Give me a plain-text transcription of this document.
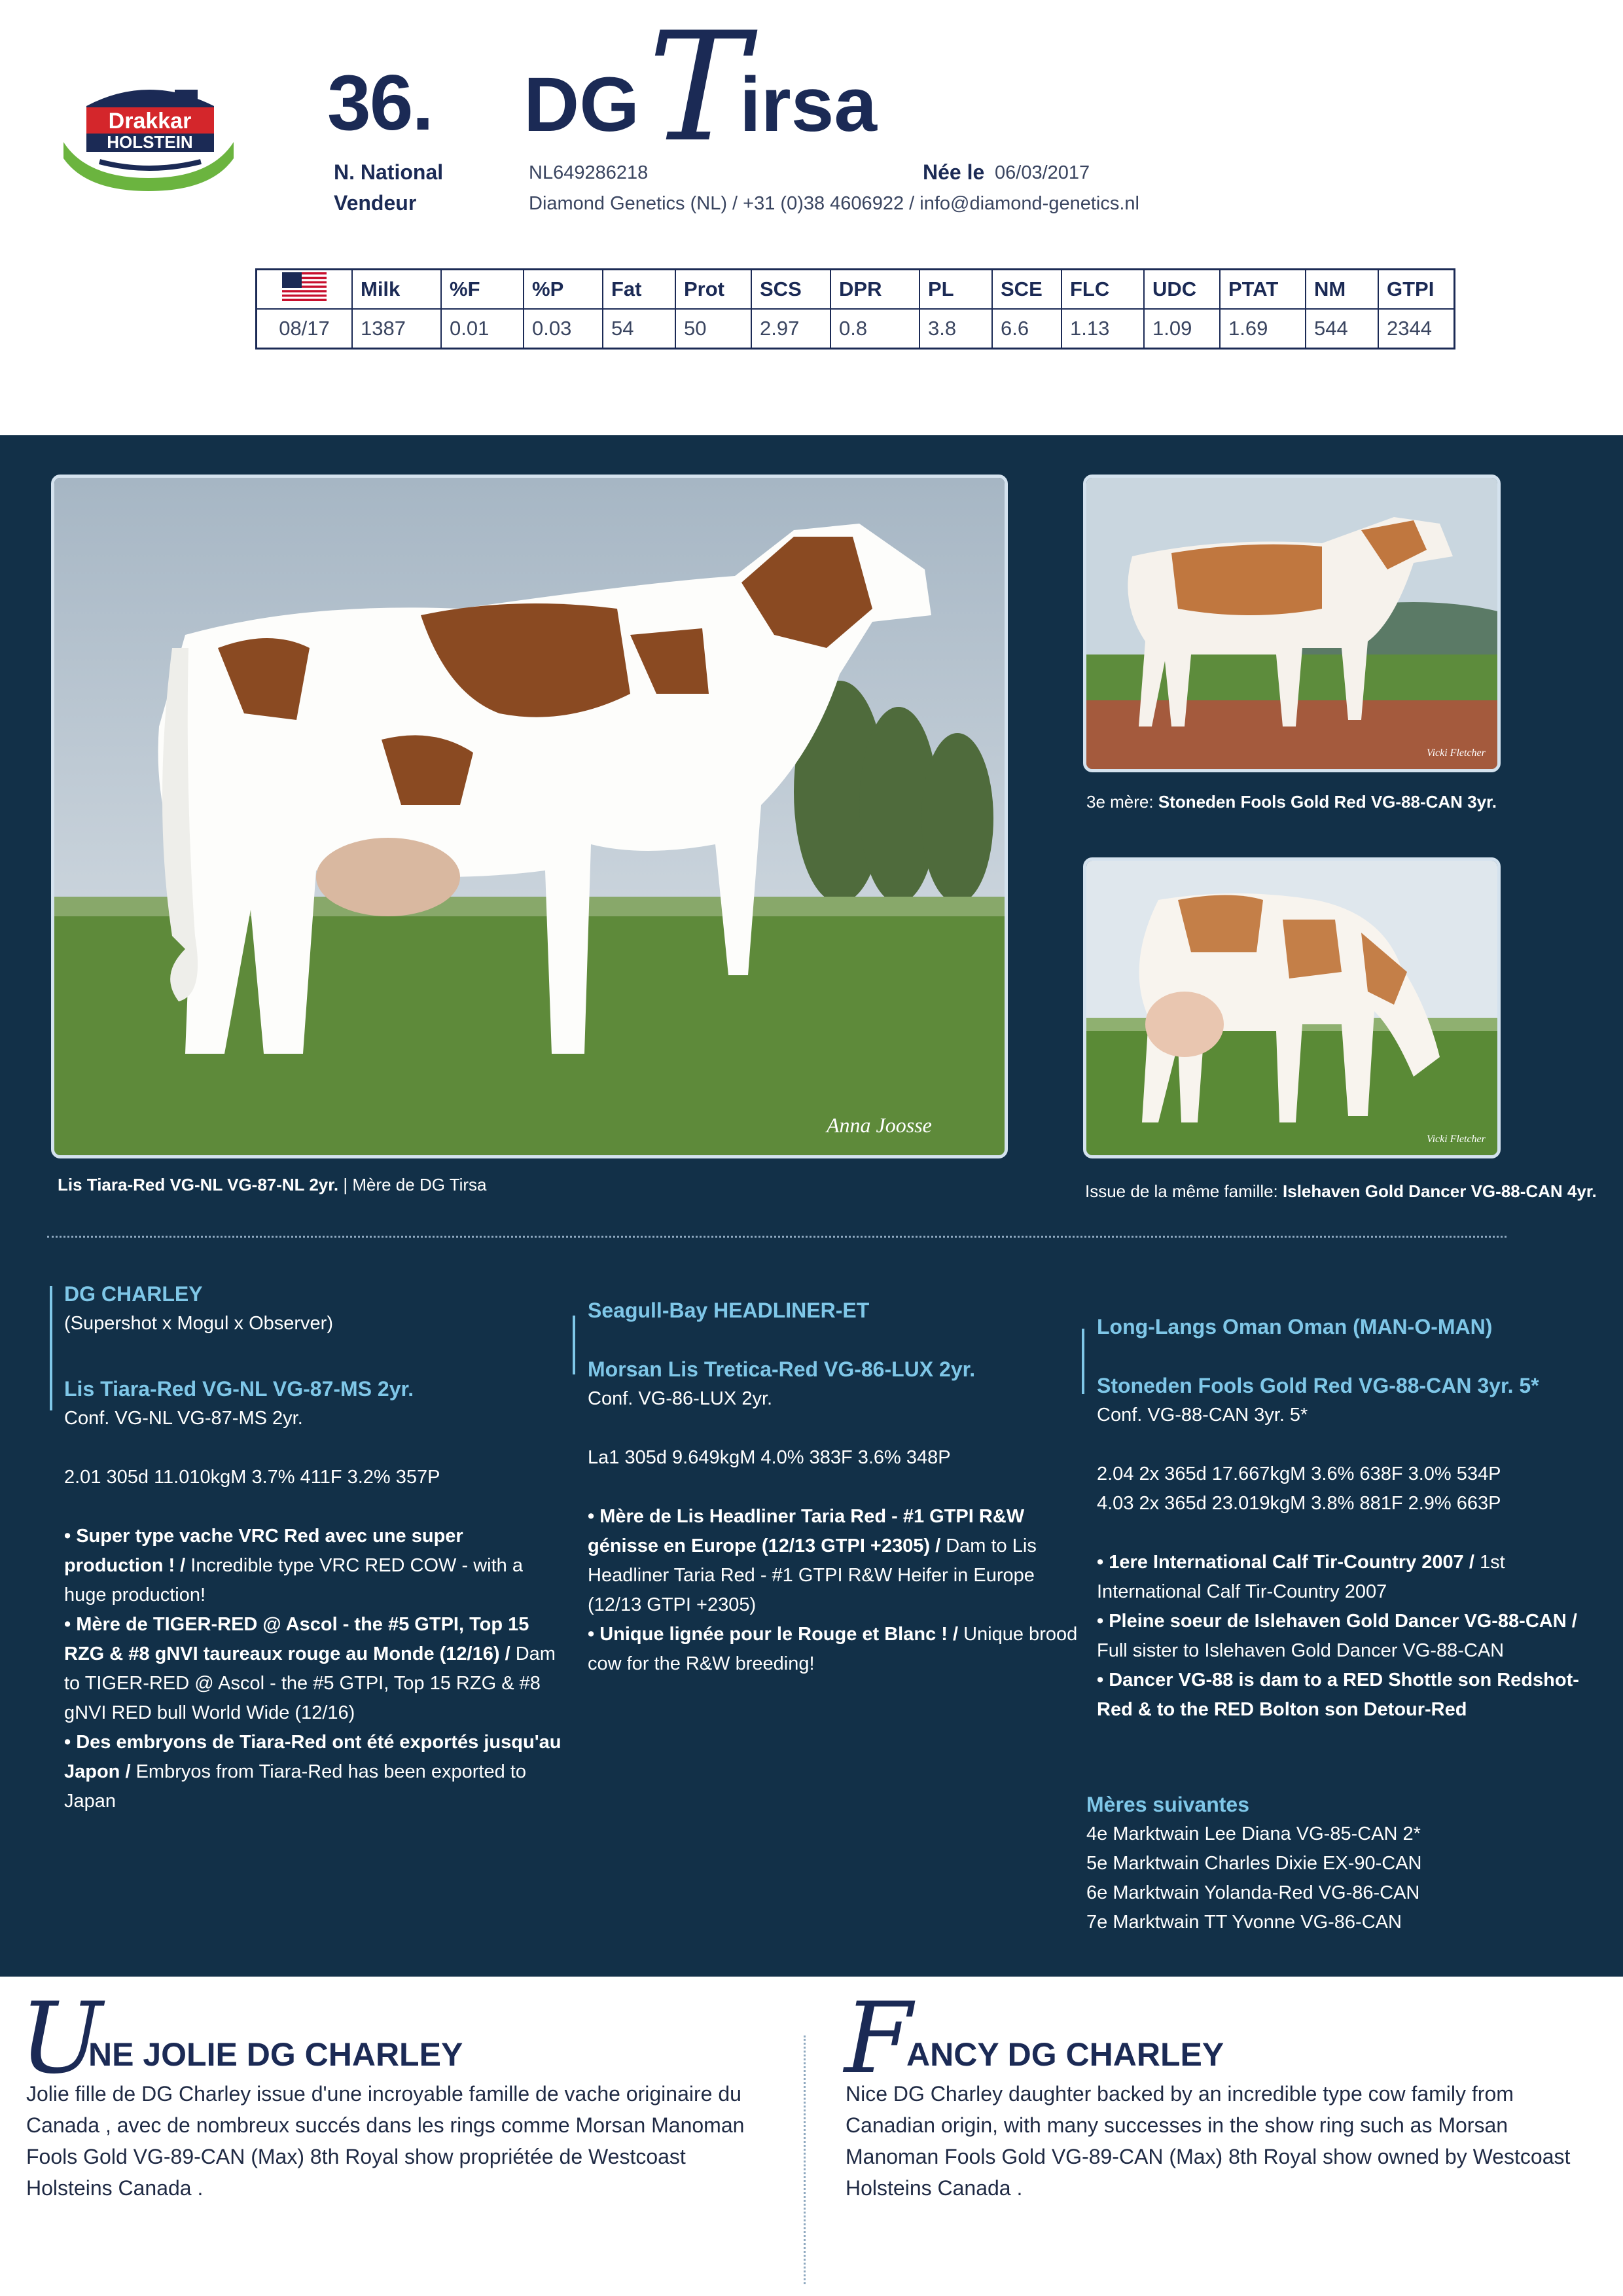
Drakkar
HOLSTEIN 36. DG T
irsa
N. National	NL649286218	Née le 06/03/2017
Vendeur	Diamond Genetics (NL) / +31 (0)38 4606922 / info@diamond-genetics.nl
	Milk	%F	%P	Fat	Prot	SCS	DPR	PL	SCE	FLC	UDC	PTAT	NM	GTPI
08/17	1387	0.01	0.03	54	50	2.97	0.8	3.8	6.6	1.13	1.09	1.69	544	2344
Anna Joosse
Vicki Fletcher
3e mère: Stoneden Fools Gold Red VG-88-CAN 3yr.
Vicki Fletcher
Lis Tiara-Red VG-NL VG-87-NL 2yr. | Mère de DG Tirsa	Issue de la même famille: Islehaven Gold Dancer VG-88-CAN 4yr.
DG CHARLEY
(Supershot x Mogul x Observer)
Lis Tiara-Red VG-NL VG-87-MS 2yr.
Conf. VG-NL VG-87-MS 2yr.
2.01 305d 11.010kgM 3.7% 411F 3.2% 357P
• Super type vache VRC Red avec une super production ! / Incredible type VRC RED COW - with a huge production!
• Mère de TIGER-RED @ Ascol - the #5 GTPI, Top 15 RZG & #8 gNVI taureaux rouge au Monde (12/16) / Dam to TIGER-RED @ Ascol - the #5 GTPI, Top 15 RZG & #8 gNVI RED bull World Wide (12/16)
• Des embryons de Tiara-Red ont été exportés jusqu'au Japon / Embryos from Tiara-Red has been exported to Japan
Seagull-Bay HEADLINER-ET
Morsan Lis Tretica-Red VG-86-LUX 2yr.
Conf. VG-86-LUX 2yr.
La1 305d 9.649kgM 4.0% 383F 3.6% 348P
• Mère de Lis Headliner Taria Red - #1 GTPI R&W génisse en Europe (12/13 GTPI +2305) / Dam to Lis Headliner Taria Red - #1 GTPI R&W Heifer in Europe (12/13 GTPI +2305)
• Unique lignée pour le Rouge et Blanc ! / Unique brood cow for the R&W breeding!
Long-Langs Oman Oman (MAN-O-MAN)
Stoneden Fools Gold Red VG-88-CAN 3yr. 5*
Conf. VG-88-CAN 3yr. 5*
2.04 2x 365d 17.667kgM 3.6% 638F 3.0% 534P
4.03 2x 365d 23.019kgM 3.8% 881F 2.9% 663P
• 1ere International Calf Tir-Country 2007 / 1st International Calf Tir-Country 2007
• Pleine soeur de Islehaven Gold Dancer VG-88-CAN / Full sister to Islehaven Gold Dancer VG-88-CAN
• Dancer VG-88 is dam to a RED Shottle son Redshot-Red & to the RED Bolton son Detour-Red
Mères suivantes
4e Marktwain Lee Diana VG-85-CAN 2*
5e Marktwain Charles Dixie EX-90-CAN
6e Marktwain Yolanda-Red VG-86-CAN
7e Marktwain TT Yvonne VG-86-CAN
U
NE JOLIE DG CHARLEY
Jolie fille de DG Charley issue d'une incroyable famille de vache originaire du Canada , avec de nombreux succés dans les rings comme Morsan Manoman Fools Gold VG-89-CAN (Max) 8th Royal show propriétée de Westcoast Holsteins Canada .
F
ANCY DG CHARLEY
Nice DG Charley daughter backed by an incredible type cow family from Canadian origin, with many successes in the show ring such as Morsan Manoman Fools Gold VG-89-CAN (Max) 8th Royal show owned by Westcoast Holsteins Canada .
